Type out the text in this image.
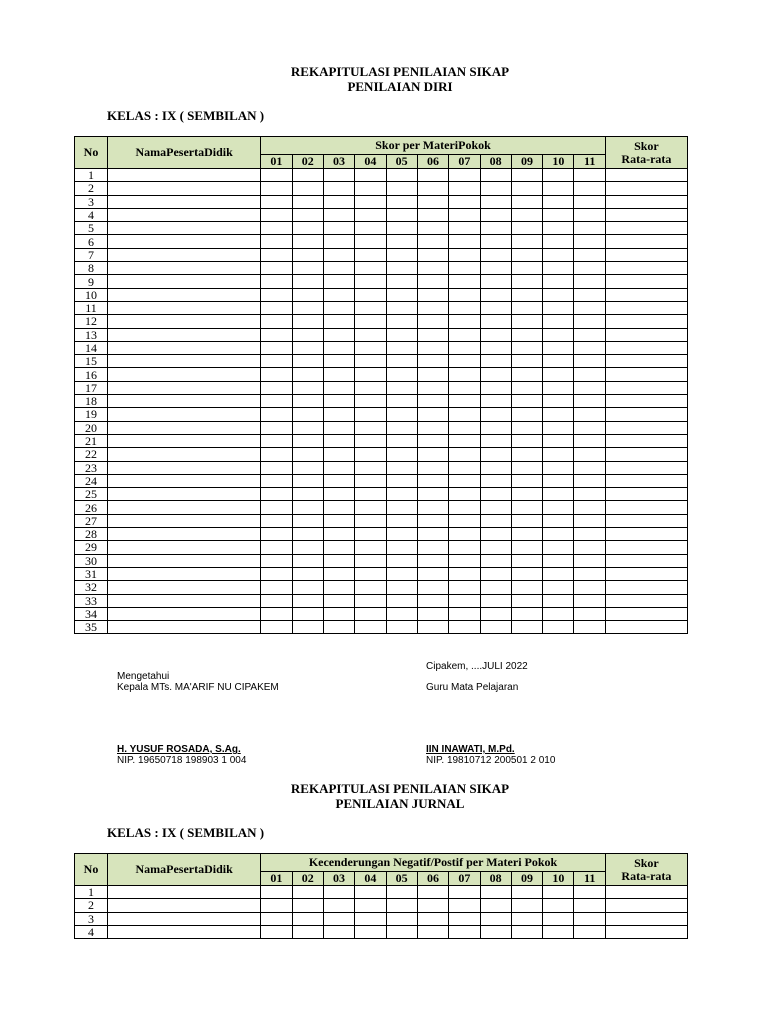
REKAPITULASI PENILAIAN SIKAP
PENILAIAN DIRI
KELAS : IX ( SEMBILAN )
No	NamaPesertaDidik	Skor per MateriPokok											Skor
Rata-rata

		01	02	03	04	05	06	07	08	09	10	11	
1													
2													
3													
4													
5													
6													
7													
8													
9													
10													
11													
12													
13													
14													
15													
16													
17													
18													
19													
20													
21													
22													
23													
24													
25													
26													
27													
28													
29													
30													
31													
32													
33													
34													
35													
Cipakem, ....JULI 2022
Mengetahui
Kepala MTs. MA'ARIF NU CIPAKEM	Guru Mata Pelajaran
H. YUSUF ROSADA, S.Ag.	IIN INAWATI, M.Pd.
NIP. 19650718 198903 1 004	NIP. 19810712 200501 2 010
REKAPITULASI PENILAIAN SIKAP
PENILAIAN JURNAL
KELAS : IX ( SEMBILAN )
No	NamaPesertaDidik	Kecenderungan Negatif/Postif per Materi Pokok											Skor
Rata-rata

		01	02	03	04	05	06	07	08	09	10	11	
1													
2													
3													
4													
